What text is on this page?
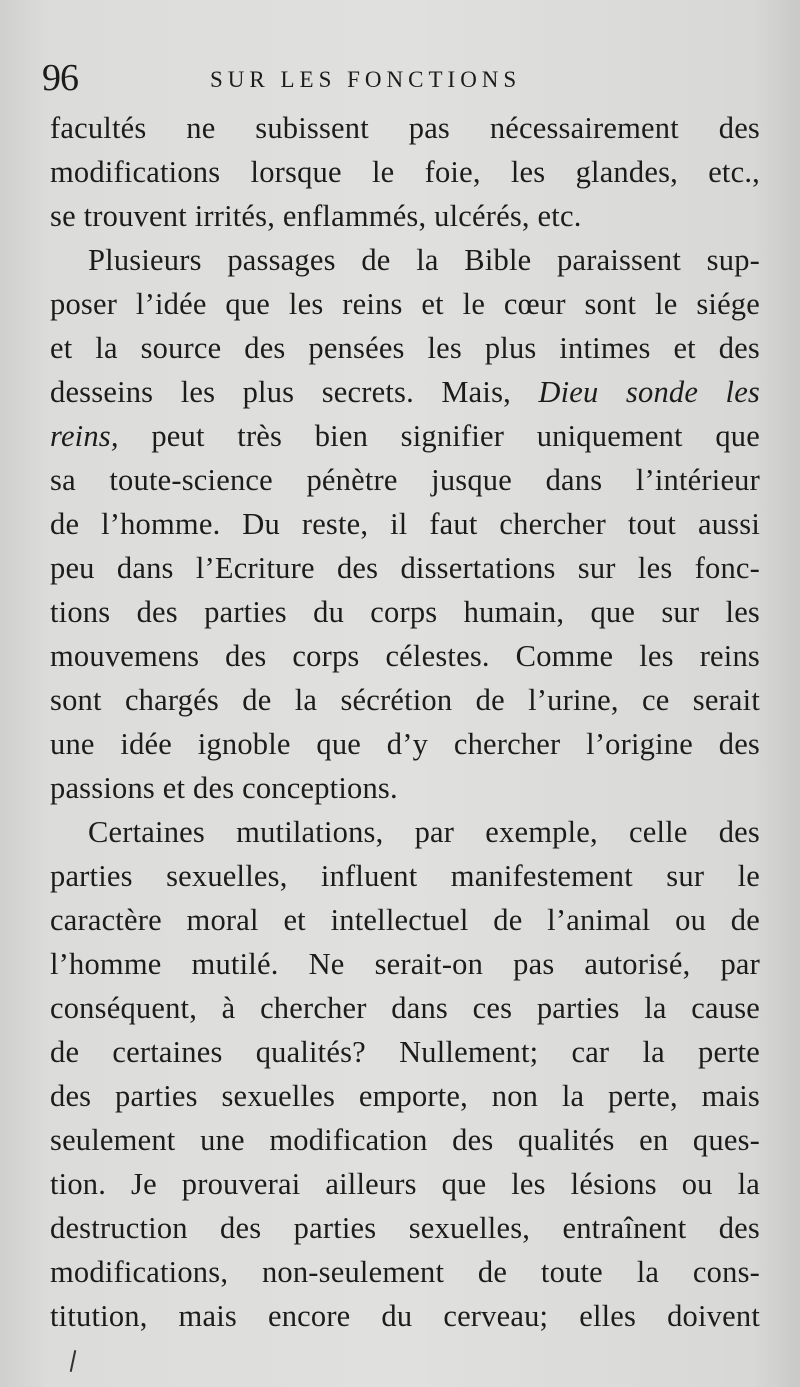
96	SUR LES FONCTIONS
facultés ne subissent pas nécessairement des
modifications lorsque le foie, les glandes, etc.,
se trouvent irrités, enflammés, ulcérés, etc.
Plusieurs passages de la Bible paraissent sup-
poser l’idée que les reins et le cœur sont le siége
et la source des pensées les plus intimes et des
desseins les plus secrets. Mais, Dieu sonde les
reins, peut très bien signifier uniquement que
sa toute-science pénètre jusque dans l’intérieur
de l’homme. Du reste, il faut chercher tout aussi
peu dans l’Ecriture des dissertations sur les fonc-
tions des parties du corps humain, que sur les
mouvemens des corps célestes. Comme les reins
sont chargés de la sécrétion de l’urine, ce serait
une idée ignoble que d’y chercher l’origine des
passions et des conceptions.
Certaines mutilations, par exemple, celle des
parties sexuelles, influent manifestement sur le
caractère moral et intellectuel de l’animal ou de
l’homme mutilé. Ne serait-on pas autorisé, par
conséquent, à chercher dans ces parties la cause
de certaines qualités? Nullement; car la perte
des parties sexuelles emporte, non la perte, mais
seulement une modification des qualités en ques-
tion. Je prouverai ailleurs que les lésions ou la
destruction des parties sexuelles, entraînent des
modifications, non-seulement de toute la cons-
titution, mais encore du cerveau; elles doivent
